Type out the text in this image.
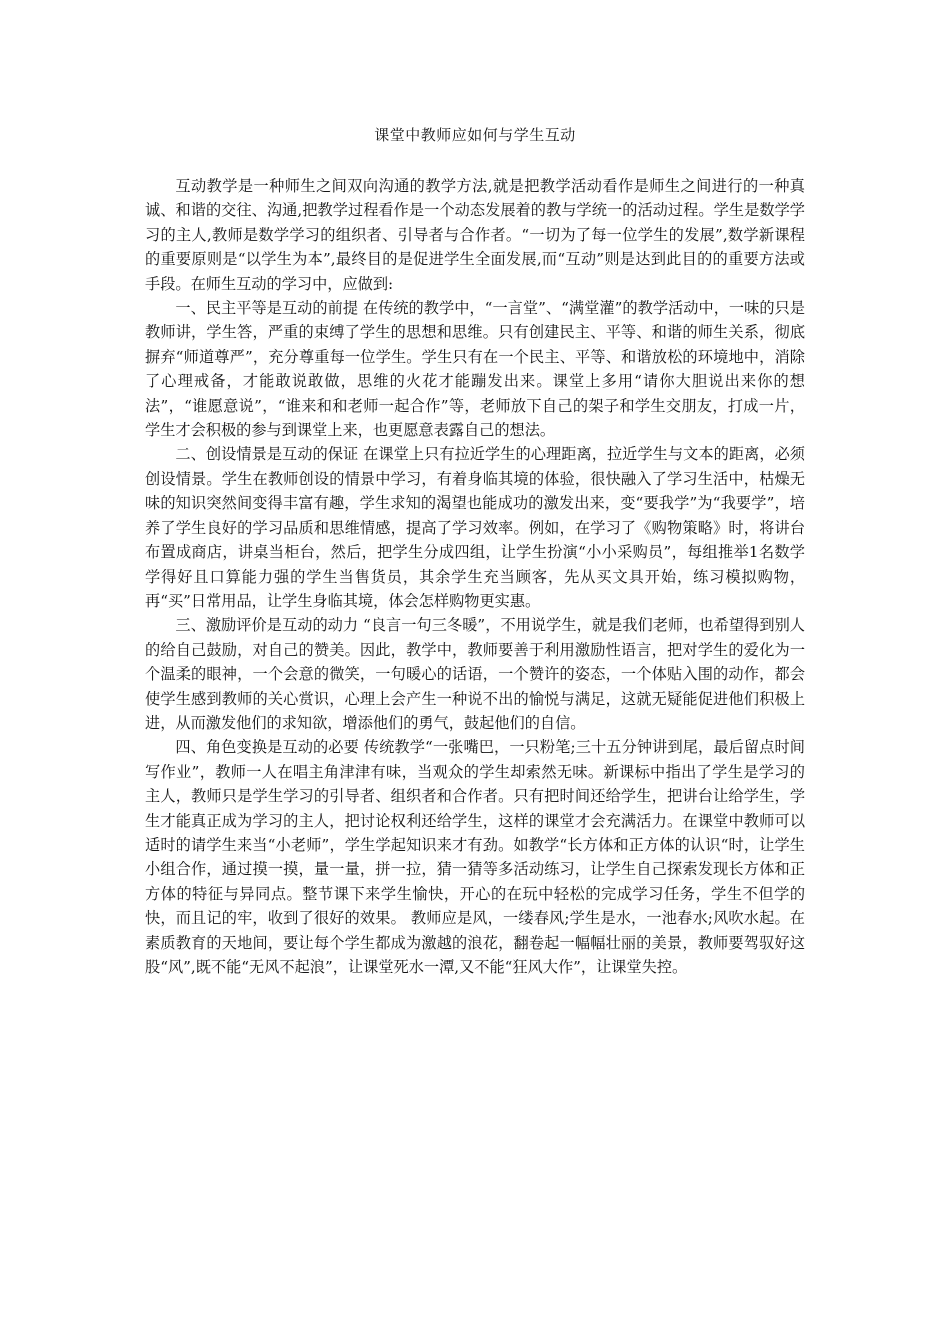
课堂中教师应如何与学生互动

互动教学是一种师生之间双向沟通的教学方法,就是把教学活动看作是师生之间进行的一种真诚、和谐的交往、沟通,把教学过程看作是一个动态发展着的教与学统一的活动过程。学生是数学学习的主人,教师是数学学习的组织者、引导者与合作者。“一切为了每一位学生的发展”,数学新课程的重要原则是“以学生为本”,最终目的是促进学生全面发展,而“互动”则是达到此目的的重要方法或手段。在师生互动的学习中，应做到:

一、民主平等是互动的前提 在传统的教学中，“一言堂”、“满堂灌”的教学活动中，一味的只是教师讲，学生答，严重的束缚了学生的思想和思维。只有创建民主、平等、和谐的师生关系，彻底摒弃“师道尊严”，充分尊重每一位学生。学生只有在一个民主、平等、和谐放松的环境地中，消除了心理戒备，才能敢说敢做，思维的火花才能蹦发出来。课堂上多用“请你大胆说出来你的想法”，“谁愿意说”，“谁来和和老师一起合作”等，老师放下自己的架子和学生交朋友，打成一片，学生才会积极的参与到课堂上来，也更愿意表露自己的想法。

二、创设情景是互动的保证 在课堂上只有拉近学生的心理距离，拉近学生与文本的距离，必须创设情景。学生在教师创设的情景中学习，有着身临其境的体验，很快融入了学习生活中，枯燥无味的知识突然间变得丰富有趣，学生求知的渴望也能成功的激发出来，变“要我学”为“我要学”，培养了学生良好的学习品质和思维情感，提高了学习效率。例如，在学习了《购物策略》时，将讲台布置成商店，讲桌当柜台，然后，把学生分成四组，让学生扮演“小小采购员”，每组推举1名数学学得好且口算能力强的学生当售货员，其余学生充当顾客，先从买文具开始，练习模拟购物，再“买”日常用品，让学生身临其境，体会怎样购物更实惠。

三、激励评价是互动的动力 “良言一句三冬暖”，不用说学生，就是我们老师，也希望得到别人的给自己鼓励，对自己的赞美。因此，教学中，教师要善于利用激励性语言，把对学生的爱化为一个温柔的眼神，一个会意的微笑，一句暖心的话语，一个赞许的姿态，一个体贴入围的动作，都会使学生感到教师的关心赏识，心理上会产生一种说不出的愉悦与满足，这就无疑能促进他们积极上进，从而激发他们的求知欲，增添他们的勇气，鼓起他们的自信。

四、角色变换是互动的必要 传统教学“一张嘴巴，一只粉笔;三十五分钟讲到尾，最后留点时间写作业”，教师一人在唱主角津津有味，当观众的学生却索然无味。新课标中指出了学生是学习的主人，教师只是学生学习的引导者、组织者和合作者。只有把时间还给学生，把讲台让给学生，学生才能真正成为学习的主人，把讨论权利还给学生，这样的课堂才会充满活力。在课堂中教师可以适时的请学生来当“小老师”，学生学起知识来才有劲。如教学“长方体和正方体的认识“时，让学生小组合作，通过摸一摸，量一量，拼一拉，猜一猜等多活动练习，让学生自己探索发现长方体和正方体的特征与异同点。整节课下来学生愉快，开心的在玩中轻松的完成学习任务，学生不但学的快，而且记的牢，收到了很好的效果。 教师应是风，一缕春风;学生是水，一池春水;风吹水起。在素质教育的天地间，要让每个学生都成为激越的浪花，翻卷起一幅幅壮丽的美景，教师要驾驭好这股“风”,既不能“无风不起浪”，让课堂死水一潭,又不能“狂风大作”，让课堂失控。
